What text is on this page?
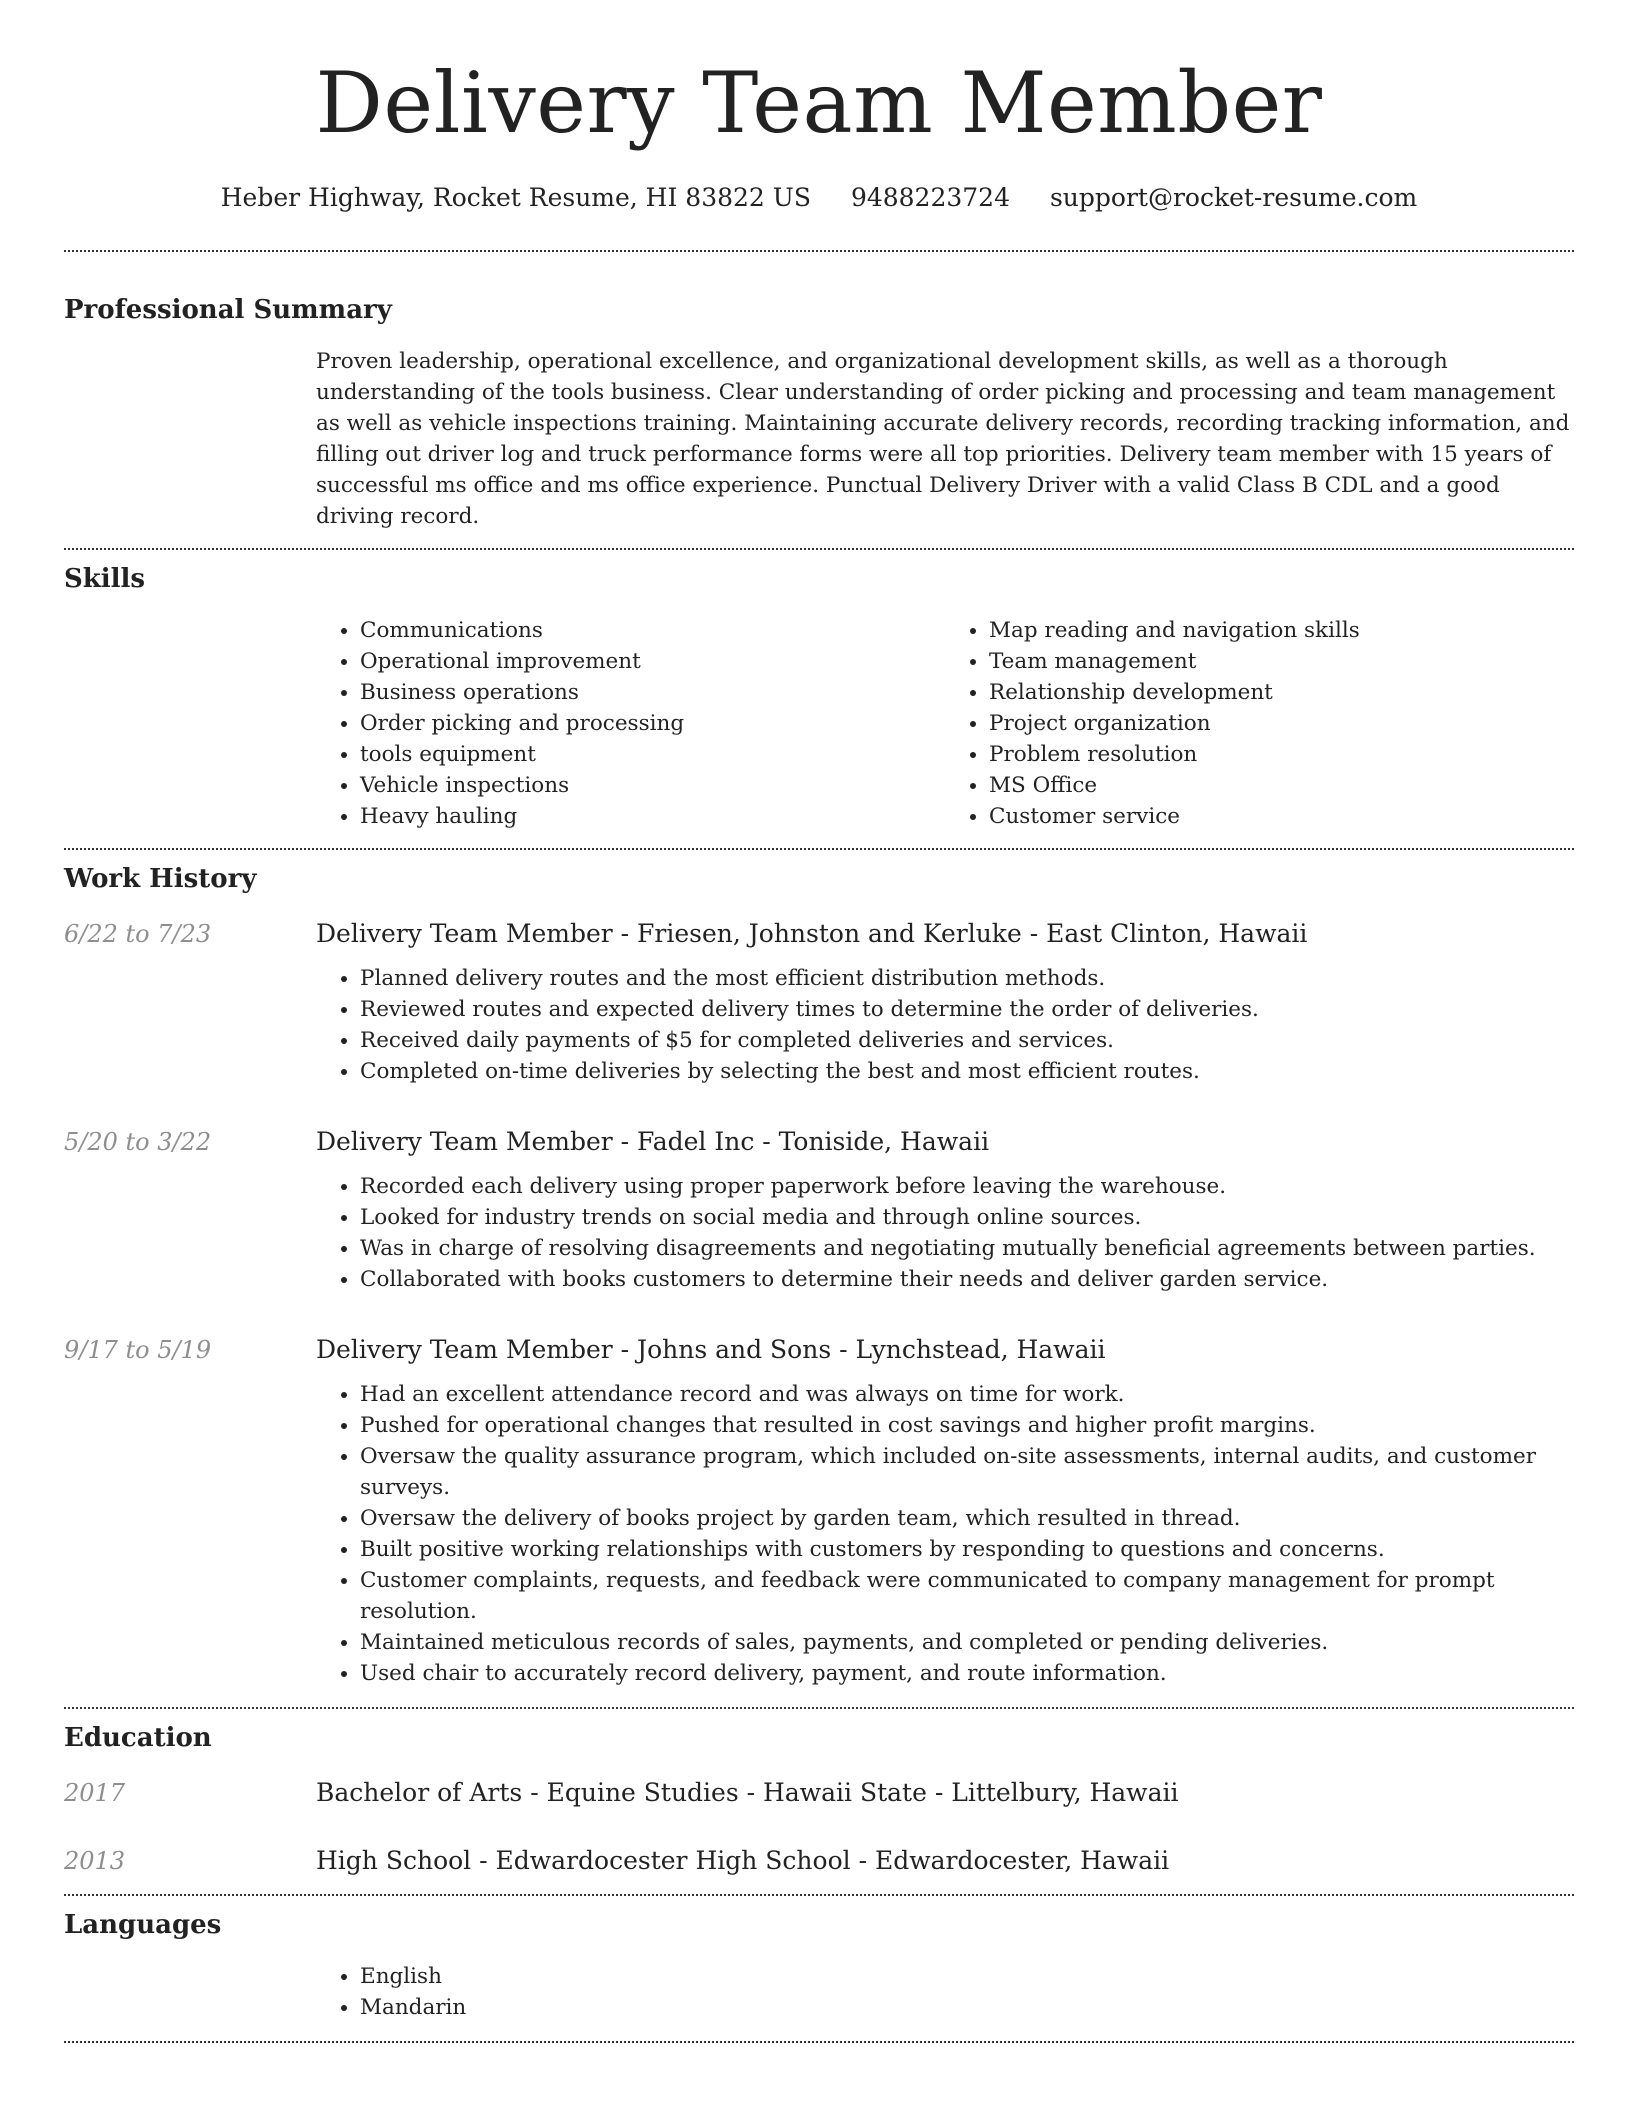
Delivery Team Member
Heber Highway, Rocket Resume, HI 83822 US 9488223724 support@rocket-resume.com
Professional Summary

Proven leadership, operational excellence, and organizational development skills, as well as a thorough understanding of the tools business. Clear understanding of order picking and processing and team management as well as vehicle inspections training. Maintaining accurate delivery records, recording tracking information, and filling out driver log and truck performance forms were all top priorities. Delivery team member with 15 years of successful ms office and ms office experience. Punctual Delivery Driver with a valid Class B CDL and a good driving record.

Skills
• Communications
• Operational improvement
• Business operations
• Order picking and processing
• tools equipment
• Vehicle inspections
• Heavy hauling
• Map reading and navigation skills
• Team management
• Relationship development
• Project organization
• Problem resolution
• MS Office
• Customer service
Work History
6/22 to 7/23	Delivery Team Member - Friesen, Johnston and Kerluke - East Clinton, Hawaii
• Planned delivery routes and the most efficient distribution methods.
• Reviewed routes and expected delivery times to determine the order of deliveries.
• Received daily payments of $5 for completed deliveries and services.
• Completed on-time deliveries by selecting the best and most efficient routes.
5/20 to 3/22	Delivery Team Member - Fadel Inc - Toniside, Hawaii
• Recorded each delivery using proper paperwork before leaving the warehouse.
• Looked for industry trends on social media and through online sources.
• Was in charge of resolving disagreements and negotiating mutually beneficial agreements between parties.
• Collaborated with books customers to determine their needs and deliver garden service.
9/17 to 5/19	Delivery Team Member - Johns and Sons - Lynchstead, Hawaii
• Had an excellent attendance record and was always on time for work.
• Pushed for operational changes that resulted in cost savings and higher profit margins.
• Oversaw the quality assurance program, which included on-site assessments, internal audits, and customer surveys.
• Oversaw the delivery of books project by garden team, which resulted in thread.
• Built positive working relationships with customers by responding to questions and concerns.
• Customer complaints, requests, and feedback were communicated to company management for prompt resolution.
• Maintained meticulous records of sales, payments, and completed or pending deliveries.
• Used chair to accurately record delivery, payment, and route information.
Education
2017	Bachelor of Arts - Equine Studies - Hawaii State - Littelbury, Hawaii
2013	High School - Edwardocester High School - Edwardocester, Hawaii
Languages
• English
• Mandarin
